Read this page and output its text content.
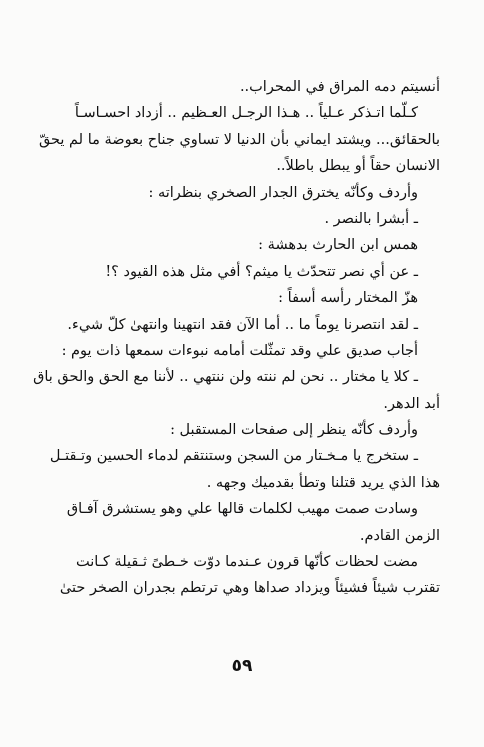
أنسيتم دمه المراق في المحراب..
كـلّما اتـذكر عـلياً .. هـذا الرجـل العـظيم .. أزداد احسـاسـاً
بالحقائق... ويشتد ايماني بأن الدنيا لا تساوي جناح بعوضة ما لم يحقّ
الانسان حقاً أو يبطل باطلاً..
وأردف وكأنّه يخترق الجدار الصخري بنظراته :
ـ أبشرا بالنصر .
همس ابن الحارث بدهشة :
ـ عن أي نصر تتحدّث يا ميثم؟ أفي مثل هذه القيود ؟!
هزّ المختار رأسه أسفاً :
ـ لقد انتصرنا يوماً ما .. أما الآن فقد انتهينا وانتهىٰ كلّ شيء.
أجاب صديق علي وقد تمثّلت أمامه نبوءات سمعها ذات يوم :
ـ كلا يا مختار .. نحن لم ننته ولن ننتهي .. لأننا مع الحق والحق باق
أبد الدهر.
وأردف كأنّه ينظر إلى صفحات المستقبل :
ـ ستخرج يا مـخـتار من السجن وستنتقم لدماء الحسين وتـقتـل
هذا الذي يريد قتلنا وتطأ بقدميك وجهه .
وسادت صمت مهيب لكلمات قالها علي وهو يستشرق آفـاق
الزمن القادم.
مضت لحظات كأنّها قرون عـندما دوّت خـطىً ثـقيلة كـانت
تقترب شيئاً فشيئاً ويزداد صداها وهي ترتطم بجدران الصخر حتىٰ
٥٩
